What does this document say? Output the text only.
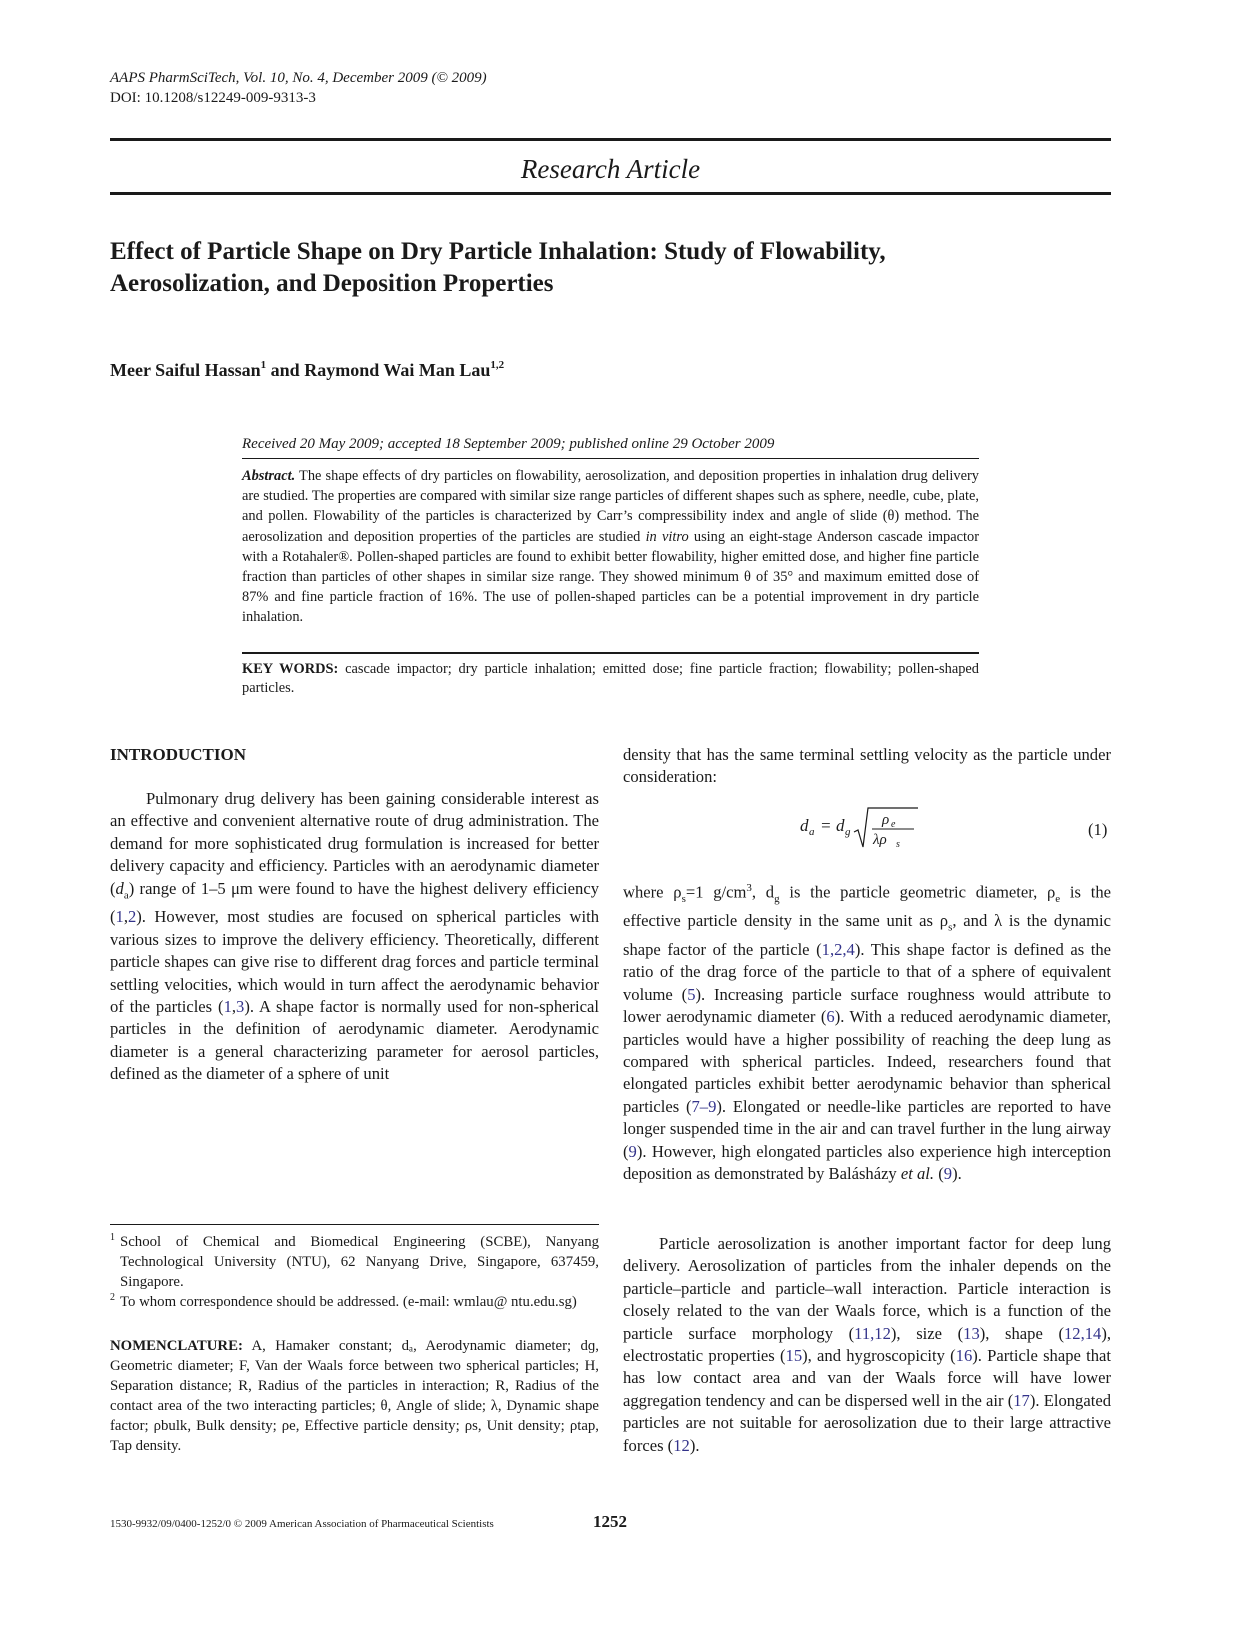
AAPS PharmSciTech, Vol. 10, No. 4, December 2009 (© 2009)
DOI: 10.1208/s12249-009-9313-3
Research Article
Effect of Particle Shape on Dry Particle Inhalation: Study of Flowability,
Aerosolization, and Deposition Properties
Meer Saiful Hassan$^1$ and Raymond Wai Man Lau$^{1,2}$
Received 20 May 2009; accepted 18 September 2009; published online 29 October 2009
Abstract. The shape effects of dry particles on flowability, aerosolization, and deposition properties in inhalation drug delivery are studied. The properties are compared with similar size range particles of different shapes such as sphere, needle, cube, plate, and pollen. Flowability of the particles is characterized by Carr’s compressibility index and angle of slide (θ) method. The aerosolization and deposition properties of the particles are studied in vitro using an eight-stage Anderson cascade impactor with a Rotahaler®. Pollen-shaped particles are found to exhibit better flowability, higher emitted dose, and higher fine particle fraction than particles of other shapes in similar size range. They showed minimum θ of 35° and maximum emitted dose of 87% and fine particle fraction of 16%. The use of pollen-shaped particles can be a potential improvement in dry particle inhalation.
KEY WORDS: cascade impactor; dry particle inhalation; emitted dose; fine particle fraction; flowability; pollen-shaped particles.
INTRODUCTION
Pulmonary drug delivery has been gaining considerable interest as an effective and convenient alternative route of drug administration. The demand for more sophisticated drug formulation is increased for better delivery capacity and efficiency. Particles with an aerodynamic diameter $(d_a)$ range of 1–5 μm were found to have the highest delivery efficiency (1,2). However, most studies are focused on spherical particles with various sizes to improve the delivery efficiency. Theoretically, different particle shapes can give rise to different drag forces and particle terminal settling velocities, which would in turn affect the aerodynamic behavior of the particles (1,3). A shape factor is normally used for non-spherical particles in the definition of aerodynamic diameter. Aerodynamic diameter is a general characterizing parameter for aerosol particles, defined as the diameter of a sphere of unit
1 School of Chemical and Biomedical Engineering (SCBE), Nanyang Technological University (NTU), 62 Nanyang Drive, Singapore, 637459, Singapore.
2 To whom correspondence should be addressed. (e-mail: wmlau@ ntu.edu.sg)
NOMENCLATURE: A, Hamaker constant; dₐ, Aerodynamic diameter; dɡ, Geometric diameter; F, Van der Waals force between two spherical particles; H, Separation distance; R, Radius of the particles in interaction; R, Radius of the contact area of the two interacting particles; θ, Angle of slide; λ, Dynamic shape factor; ρbulk, Bulk density; ρe, Effective particle density; ρs, Unit density; ρtap, Tap density.
density that has the same terminal settling velocity as the particle under consideration:
d a = d g
ρ e
λρ s
(1)
where $\rho_s=1$ $g/cm^3$, $d_g$ is the particle geometric diameter, $\rho_e$ is the effective particle density in the same unit as $\rho_s$, and λ is the dynamic shape factor of the particle (1,2,4). This shape factor is defined as the ratio of the drag force of the particle to that of a sphere of equivalent volume (5). Increasing particle surface roughness would attribute to lower aerodynamic diameter (6). With a reduced aerodynamic diameter, particles would have a higher possibility of reaching the deep lung as compared with spherical particles. Indeed, researchers found that elongated particles exhibit better aerodynamic behavior than spherical particles (7–9). Elongated or needle-like particles are reported to have longer suspended time in the air and can travel further in the lung airway (9). However, high elongated particles also experience high interception deposition as demonstrated by Balásházy et al. (9).
Particle aerosolization is another important factor for deep lung delivery. Aerosolization of particles from the inhaler depends on the particle–particle and particle–wall interaction. Particle interaction is closely related to the van der Waals force, which is a function of the particle surface morphology (11,12), size (13), shape (12,14), electrostatic properties (15), and hygroscopicity (16). Particle shape that has low contact area and van der Waals force will have lower aggregation tendency and can be dispersed well in the air (17). Elongated particles are not suitable for aerosolization due to their large attractive forces (12).
1530-9932/09/0400-1252/0 © 2009 American Association of Pharmaceutical Scientists	1252
